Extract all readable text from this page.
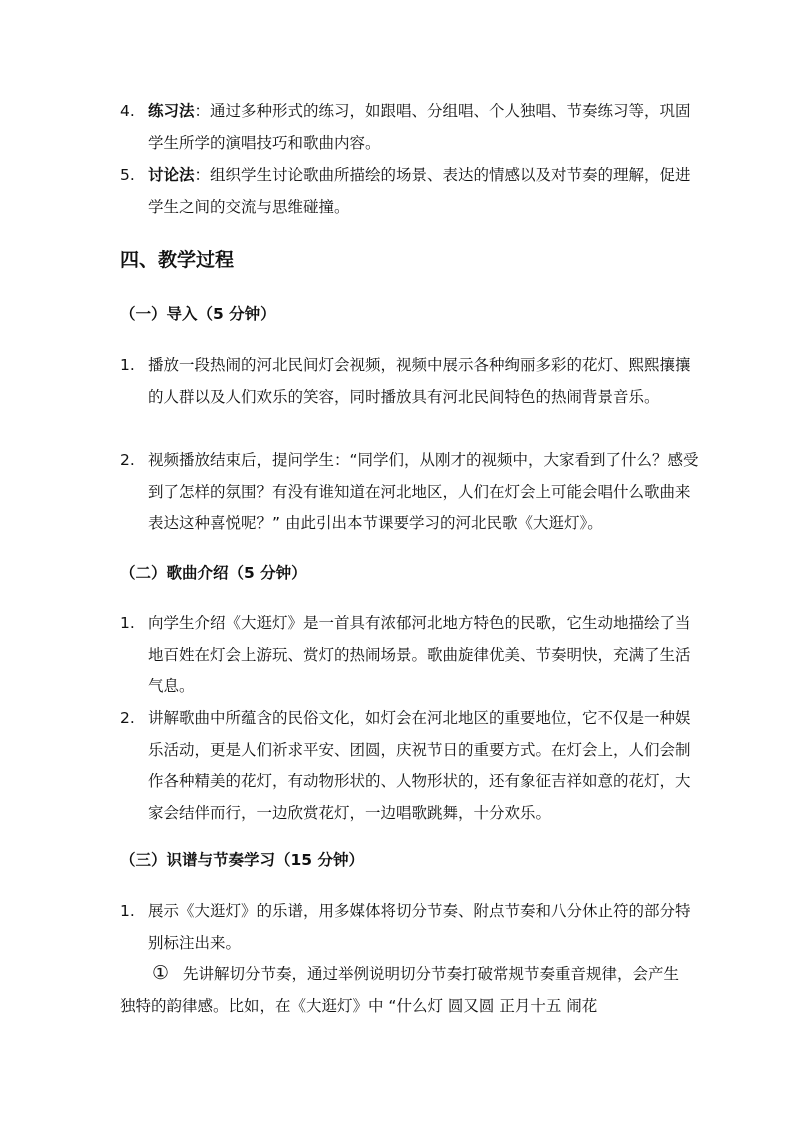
4. 练习法：通过多种形式的练习，如跟唱、分组唱、个人独唱、节奏练习等，巩固学生所学的演唱技巧和歌曲内容。
5. 讨论法：组织学生讨论歌曲所描绘的场景、表达的情感以及对节奏的理解，促进学生之间的交流与思维碰撞。
四、教学过程
（一）导入（5 分钟）
1. 播放一段热闹的河北民间灯会视频，视频中展示各种绚丽多彩的花灯、熙熙攘攘的人群以及人们欢乐的笑容，同时播放具有河北民间特色的热闹背景音乐。
2. 视频播放结束后，提问学生：“同学们，从刚才的视频中，大家看到了什么？感受到了怎样的氛围？有没有谁知道在河北地区，人们在灯会上可能会唱什么歌曲来表达这种喜悦呢？” 由此引出本节课要学习的河北民歌《大逛灯》。
（二）歌曲介绍（5 分钟）
1. 向学生介绍《大逛灯》是一首具有浓郁河北地方特色的民歌，它生动地描绘了当地百姓在灯会上游玩、赏灯的热闹场景。歌曲旋律优美、节奏明快，充满了生活气息。
2. 讲解歌曲中所蕴含的民俗文化，如灯会在河北地区的重要地位，它不仅是一种娱乐活动，更是人们祈求平安、团圆，庆祝节日的重要方式。在灯会上，人们会制作各种精美的花灯，有动物形状的、人物形状的，还有象征吉祥如意的花灯，大家会结伴而行，一边欣赏花灯，一边唱歌跳舞，十分欢乐。
（三）识谱与节奏学习（15 分钟）
1. 展示《大逛灯》的乐谱，用多媒体将切分节奏、附点节奏和八分休止符的部分特别标注出来。
① 先讲解切分节奏，通过举例说明切分节奏打破常规节奏重音规律，会产生独特的韵律感。比如，在《大逛灯》中 “什么灯 圆又圆 正月十五 闹花
